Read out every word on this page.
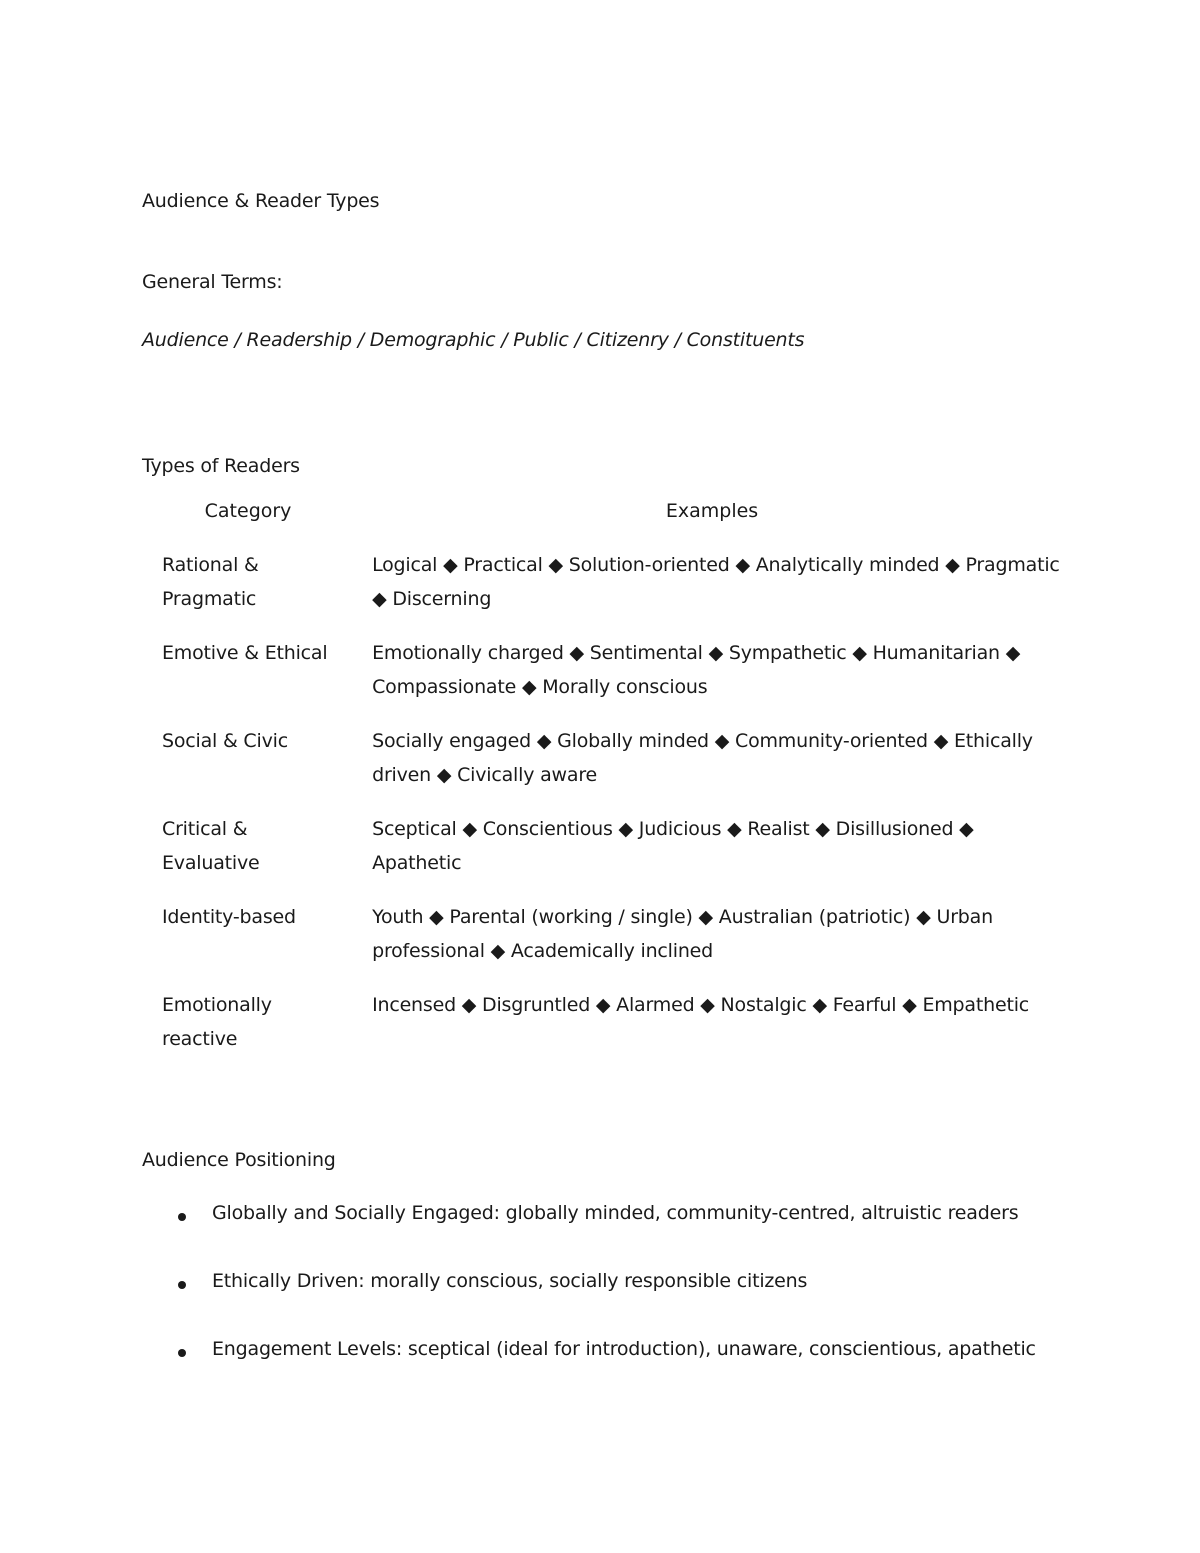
Audience & Reader Types
General Terms:
Audience / Readership / Demographic / Public / Citizenry / Constituents
Types of Readers
Category	Examples
Rational & Pragmatic	Logical ◆ Practical ◆ Solution-oriented ◆ Analytically minded ◆ Pragmatic ◆ Discerning
Emotive & Ethical	Emotionally charged ◆ Sentimental ◆ Sympathetic ◆ Humanitarian ◆ Compassionate ◆ Morally conscious
Social & Civic	Socially engaged ◆ Globally minded ◆ Community-oriented ◆ Ethically driven ◆ Civically aware
Critical & Evaluative	Sceptical ◆ Conscientious ◆ Judicious ◆ Realist ◆ Disillusioned ◆ Apathetic
Identity-based	Youth ◆ Parental (working / single) ◆ Australian (patriotic) ◆ Urban professional ◆ Academically inclined
Emotionally reactive	Incensed ◆ Disgruntled ◆ Alarmed ◆ Nostalgic ◆ Fearful ◆ Empathetic
Audience Positioning
Globally and Socially Engaged: globally minded, community-centred, altruistic readers
Ethically Driven: morally conscious, socially responsible citizens
Engagement Levels: sceptical (ideal for introduction), unaware, conscientious, apathetic
